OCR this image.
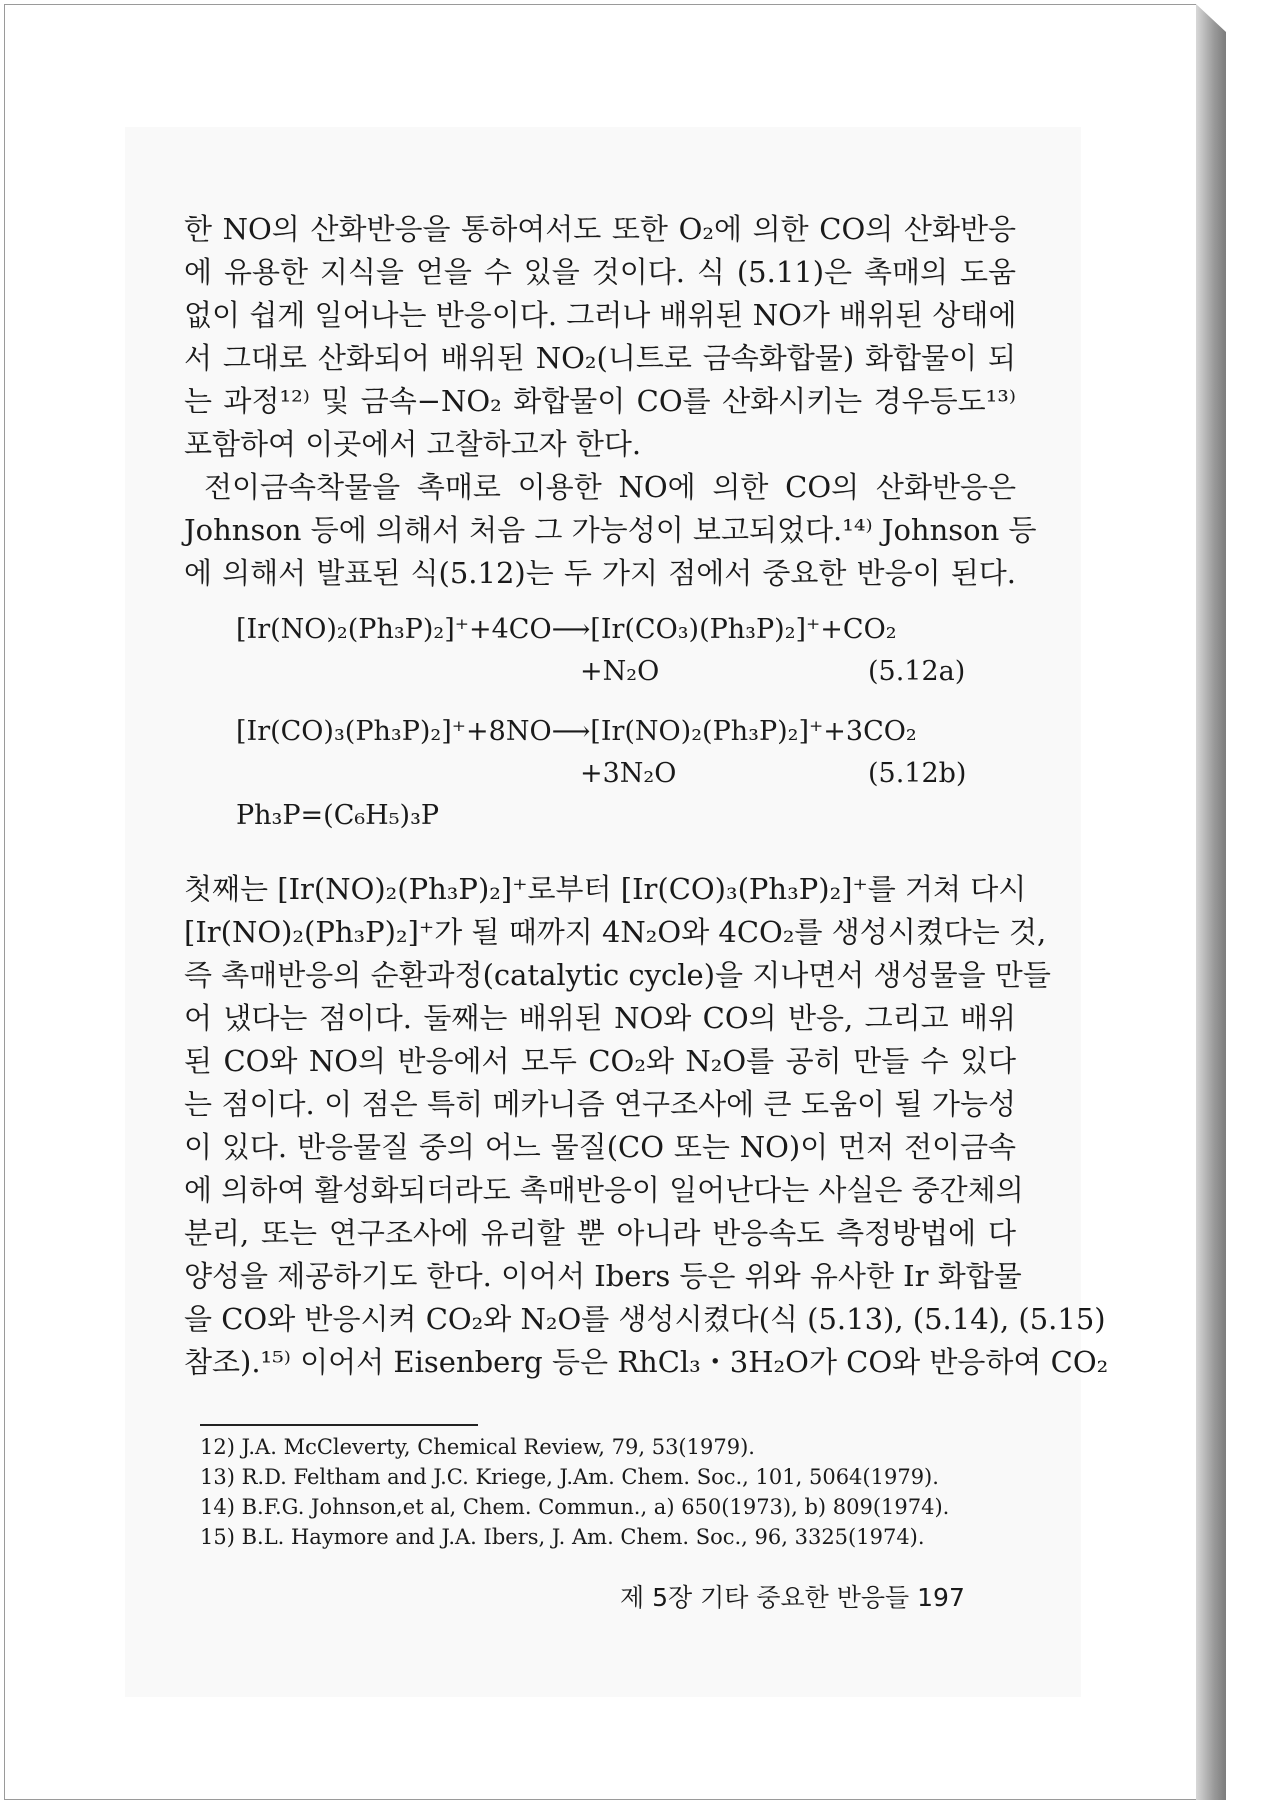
한 NO의 산화반응을 통하여서도 또한 O₂에 의한 CO의 산화반응
에 유용한 지식을 얻을 수 있을 것이다. 식 (5.11)은 촉매의 도움
없이 쉽게 일어나는 반응이다. 그러나 배위된 NO가 배위된 상태에
서 그대로 산화되어 배위된 NO₂(니트로 금속화합물) 화합물이 되
는 과정¹²⁾ 및 금속−NO₂ 화합물이 CO를 산화시키는 경우등도¹³⁾
포함하여 이곳에서 고찰하고자 한다.
전이금속착물을 촉매로 이용한 NO에 의한 CO의 산화반응은
Johnson 등에 의해서 처음 그 가능성이 보고되었다.¹⁴⁾ Johnson 등
에 의해서 발표된 식(5.12)는 두 가지 점에서 중요한 반응이 된다.
[Ir(NO)₂(Ph₃P)₂]⁺+4CO⟶[Ir(CO₃)(Ph₃P)₂]⁺+CO₂
+N₂O	(5.12a)
[Ir(CO)₃(Ph₃P)₂]⁺+8NO⟶[Ir(NO)₂(Ph₃P)₂]⁺+3CO₂
+3N₂O	(5.12b)
Ph₃P=(C₆H₅)₃P
첫째는 [Ir(NO)₂(Ph₃P)₂]⁺로부터 [Ir(CO)₃(Ph₃P)₂]⁺를 거쳐 다시
[Ir(NO)₂(Ph₃P)₂]⁺가 될 때까지 4N₂O와 4CO₂를 생성시켰다는 것,
즉 촉매반응의 순환과정(catalytic cycle)을 지나면서 생성물을 만들
어 냈다는 점이다. 둘째는 배위된 NO와 CO의 반응, 그리고 배위
된 CO와 NO의 반응에서 모두 CO₂와 N₂O를 공히 만들 수 있다
는 점이다. 이 점은 특히 메카니즘 연구조사에 큰 도움이 될 가능성
이 있다. 반응물질 중의 어느 물질(CO 또는 NO)이 먼저 전이금속
에 의하여 활성화되더라도 촉매반응이 일어난다는 사실은 중간체의
분리, 또는 연구조사에 유리할 뿐 아니라 반응속도 측정방법에 다
양성을 제공하기도 한다. 이어서 Ibers 등은 위와 유사한 Ir 화합물
을 CO와 반응시켜 CO₂와 N₂O를 생성시켰다(식 (5.13), (5.14), (5.15)
참조).¹⁵⁾ 이어서 Eisenberg 등은 RhCl₃・3H₂O가 CO와 반응하여 CO₂
12) J.A. McCleverty, Chemical Review, 79, 53(1979).
13) R.D. Feltham and J.C. Kriege, J.Am. Chem. Soc., 101, 5064(1979).
14) B.F.G. Johnson,et al, Chem. Commun., a) 650(1973), b) 809(1974).
15) B.L. Haymore and J.A. Ibers, J. Am. Chem. Soc., 96, 3325(1974).
제 5장 기타 중요한 반응들 197
